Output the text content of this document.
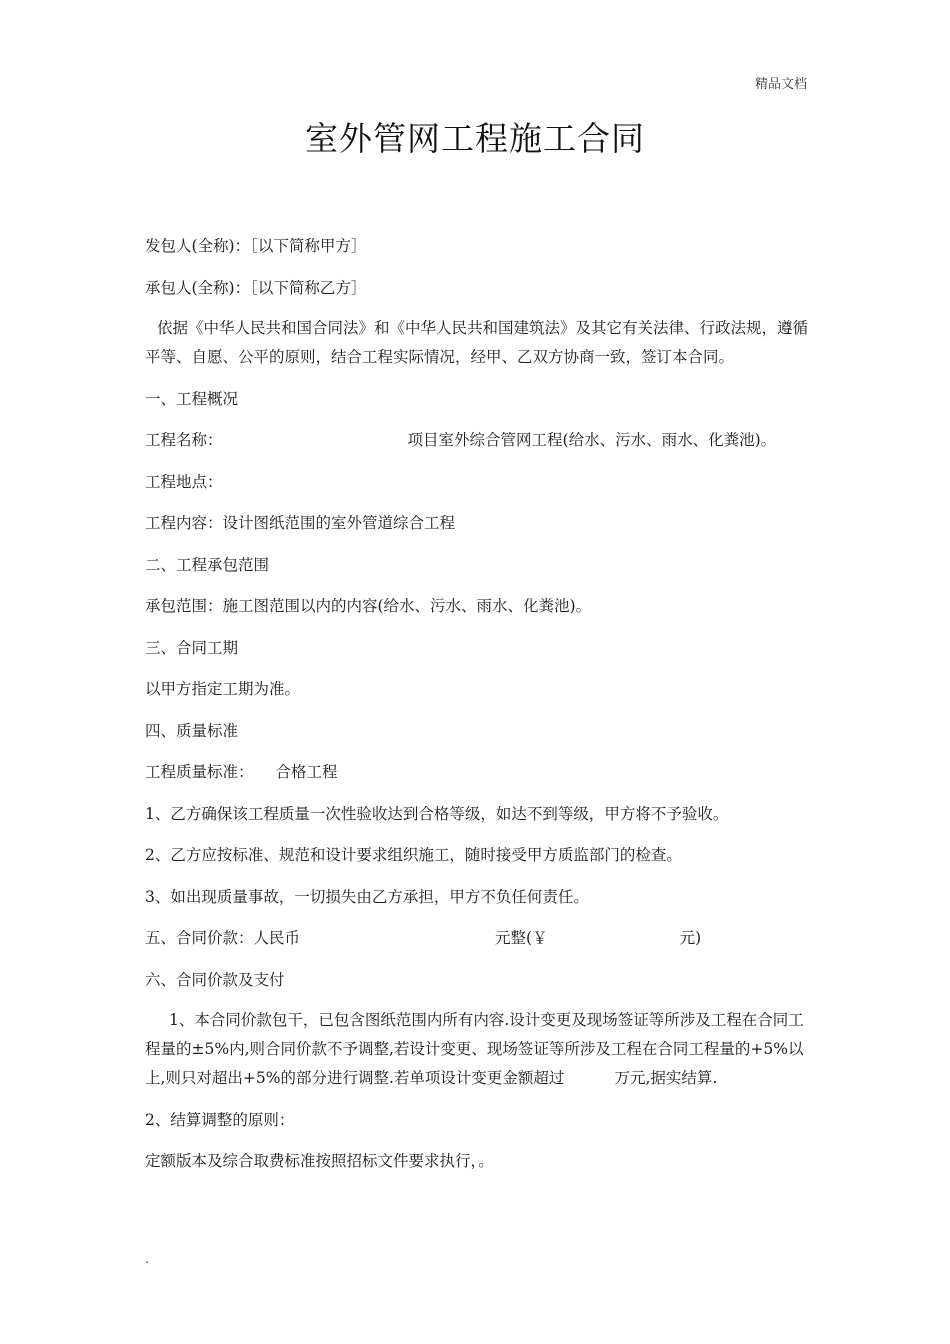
精品文档
室外管网工程施工合同

发包人(全称)：［以下简称甲方］

承包人(全称)：［以下简称乙方］

依据《中华人民共和国合同法》和《中华人民共和国建筑法》及其它有关法律、行政法规，遵循平等、自愿、公平的原则，结合工程实际情况，经甲、乙双方协商一致，签订本合同。

一、工程概况

工程名称：	项目室外综合管网工程(给水、污水、雨水、化粪池)。

工程地点：

工程内容：设计图纸范围的室外管道综合工程

二、工程承包范围

承包范围：施工图范围以内的内容(给水、污水、雨水、化粪池)。

三、合同工期

以甲方指定工期为准。

四、质量标准

工程质量标准： 合格工程

1、乙方确保该工程质量一次性验收达到合格等级，如达不到等级，甲方将不予验收。

2、乙方应按标准、规范和设计要求组织施工，随时接受甲方质监部门的检查。

3、如出现质量事故，一切损失由乙方承担，甲方不负任何责任。

五、合同价款：人民币	元整(￥	元)

六、合同价款及支付

1、本合同价款包干，已包含图纸范围内所有内容.设计变更及现场签证等所涉及工程在合同工程量的±5%内,则合同价款不予调整,若设计变更、现场签证等所涉及工程在合同工程量的+5%以上,则只对超出+5%的部分进行调整.若单项设计变更金额超过	万元,据实结算.

2、结算调整的原则：

定额版本及综合取费标准按照招标文件要求执行，。

.
